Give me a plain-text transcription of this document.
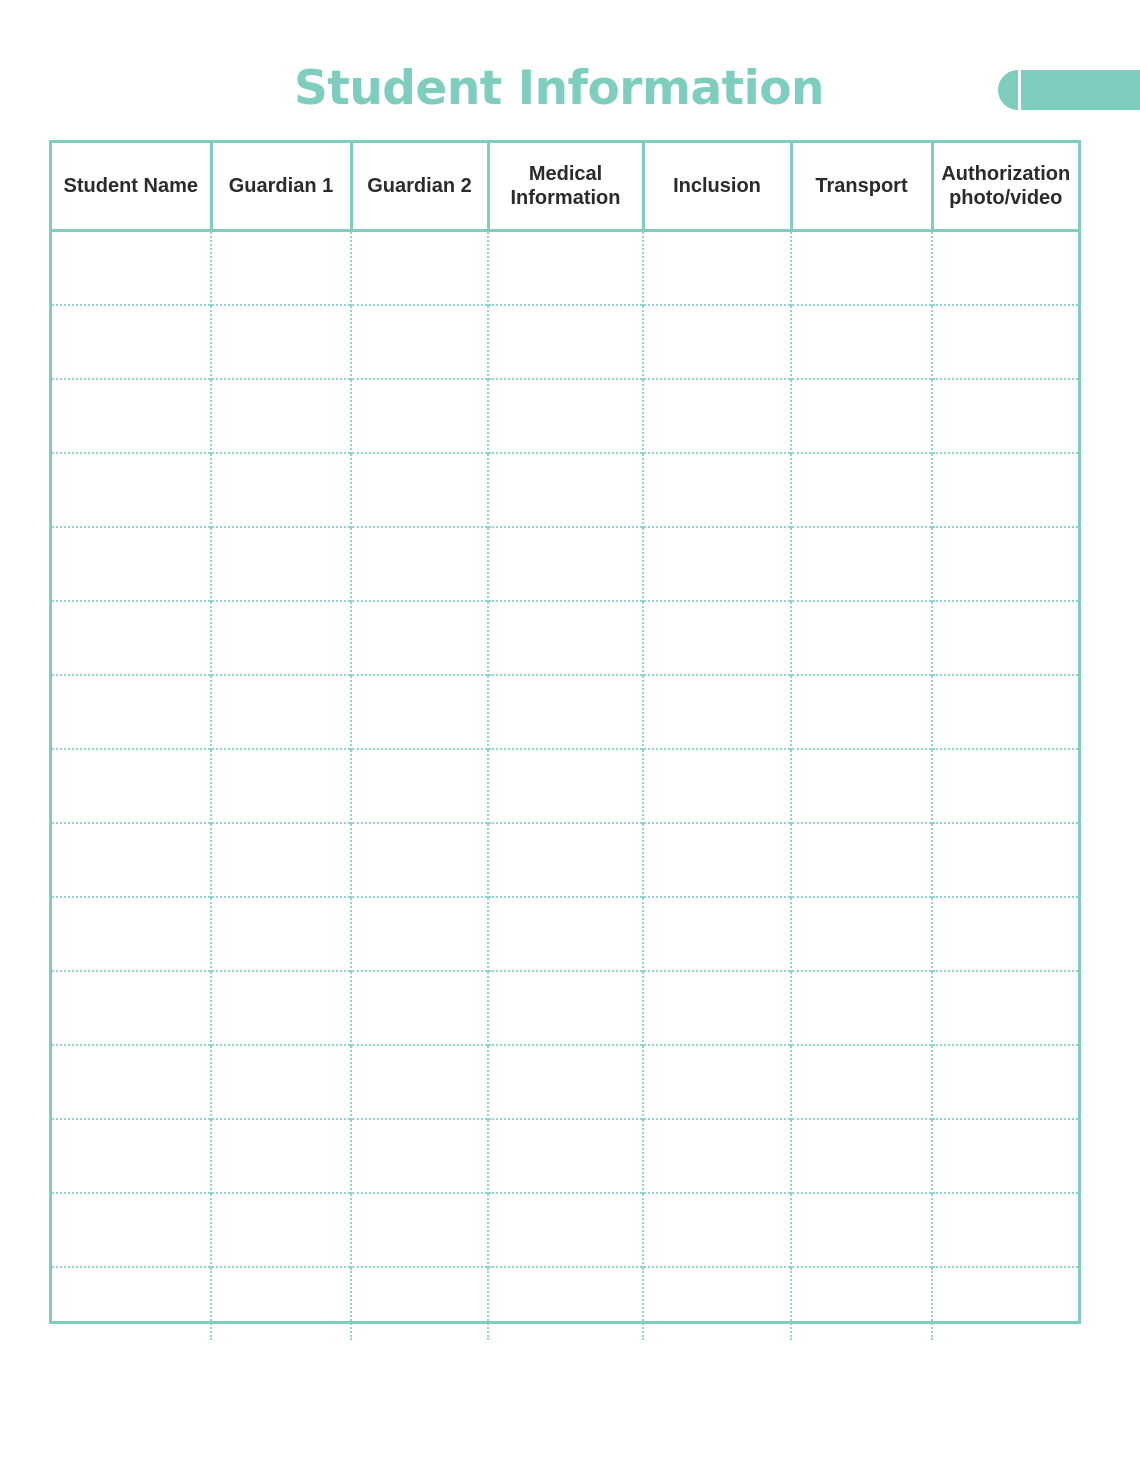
Student Information
Student Name	Guardian 1	Guardian 2	Medical Information	Inclusion	Transport	Authorization photo/video
